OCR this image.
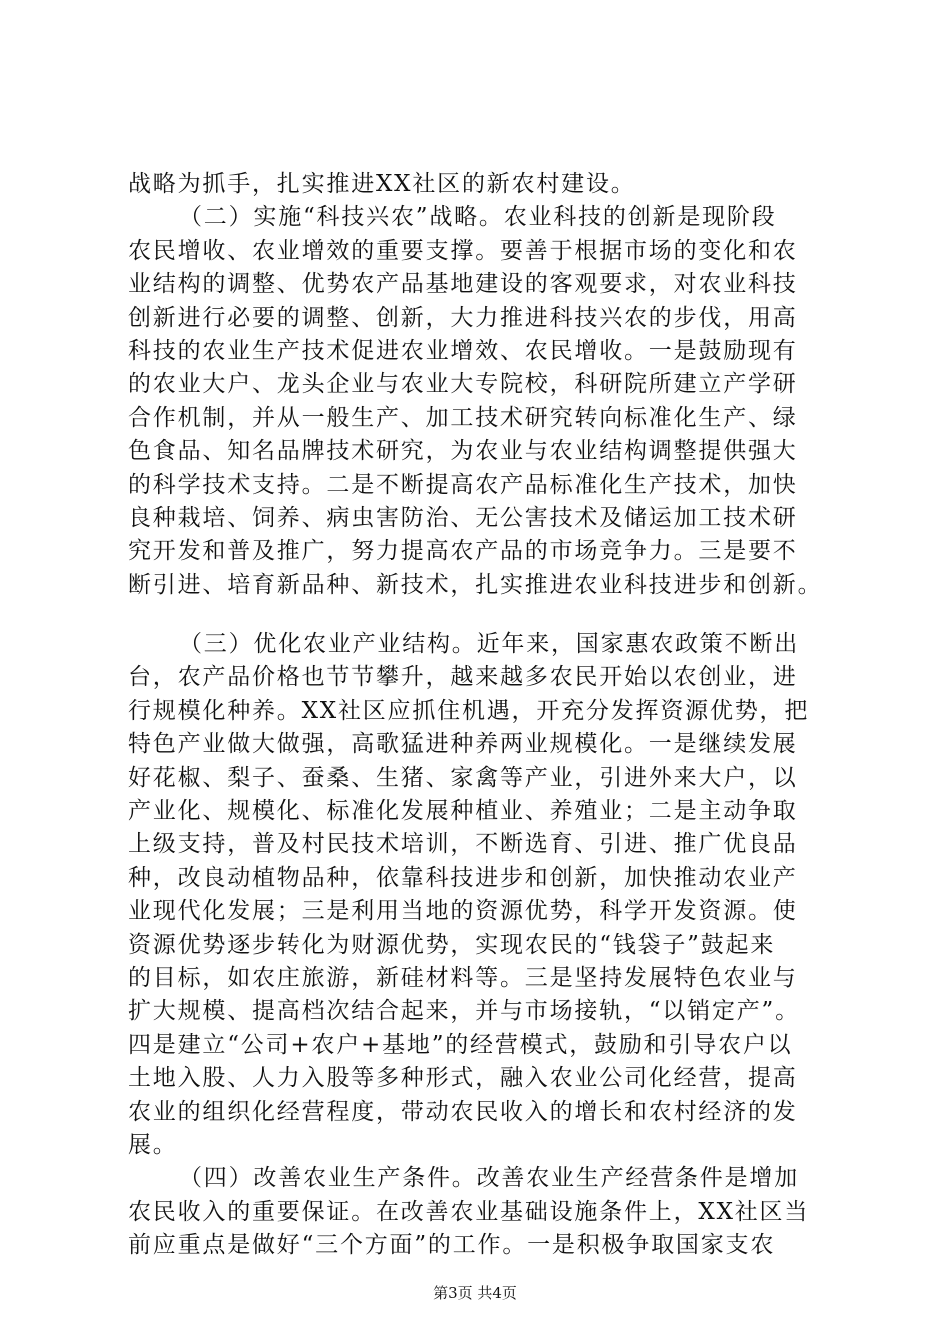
战略为抓手，扎实推进XX社区的新农村建设。
（二）实施“科技兴农”战略。农业科技的创新是现阶段
农民增收、农业增效的重要支撑。要善于根据市场的变化和农
业结构的调整、优势农产品基地建设的客观要求，对农业科技
创新进行必要的调整、创新，大力推进科技兴农的步伐，用高
科技的农业生产技术促进农业增效、农民增收。一是鼓励现有
的农业大户、龙头企业与农业大专院校，科研院所建立产学研
合作机制，并从一般生产、加工技术研究转向标准化生产、绿
色食品、知名品牌技术研究，为农业与农业结构调整提供强大
的科学技术支持。二是不断提高农产品标准化生产技术，加快
良种栽培、饲养、病虫害防治、无公害技术及储运加工技术研
究开发和普及推广，努力提高农产品的市场竞争力。三是要不
断引进、培育新品种、新技术，扎实推进农业科技进步和创新。
（三）优化农业产业结构。近年来，国家惠农政策不断出
台，农产品价格也节节攀升，越来越多农民开始以农创业，进
行规模化种养。XX社区应抓住机遇，开充分发挥资源优势，把
特色产业做大做强，高歌猛进种养两业规模化。一是继续发展
好花椒、梨子、蚕桑、生猪、家禽等产业，引进外来大户，以
产业化、规模化、标准化发展种植业、养殖业；二是主动争取
上级支持，普及村民技术培训，不断选育、引进、推广优良品
种，改良动植物品种，依靠科技进步和创新，加快推动农业产
业现代化发展；三是利用当地的资源优势，科学开发资源。使
资源优势逐步转化为财源优势，实现农民的“钱袋子”鼓起来
的目标，如农庄旅游，新硅材料等。三是坚持发展特色农业与
扩大规模、提高档次结合起来，并与市场接轨，“以销定产”。
四是建立“公司+农户+基地”的经营模式，鼓励和引导农户以
土地入股、人力入股等多种形式，融入农业公司化经营，提高
农业的组织化经营程度，带动农民收入的增长和农村经济的发
展。
（四）改善农业生产条件。改善农业生产经营条件是增加
农民收入的重要保证。在改善农业基础设施条件上，XX社区当
前应重点是做好“三个方面”的工作。一是积极争取国家支农
第3页 共4页
